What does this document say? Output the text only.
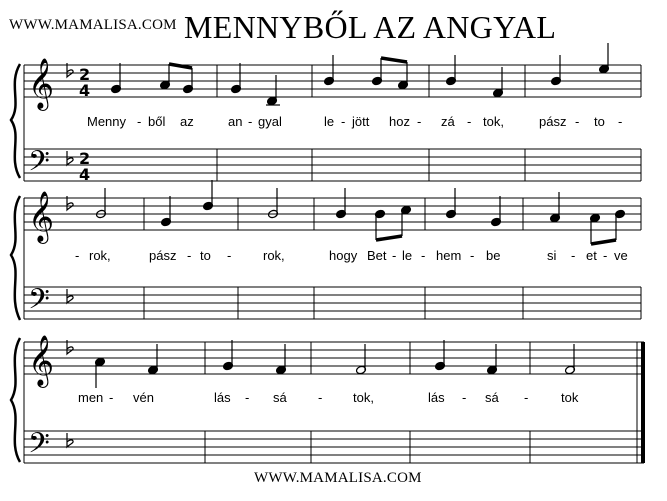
WWW.MAMALISA.COM MENNYBŐL AZ ANGYAL
WWW.MAMALISA.COM
𝄞
𝄢
2
4
2
4
Menny - ből az	an - gyal	le - jött hoz - zá - tok,	pász - to -
𝄞
𝄢
- rok,	pász - to - rok,	hogy Bet - le - hem - be	si - et - ve
𝄞
𝄢
men - vén	lás - sá - tok,	lás - sá -	tok
